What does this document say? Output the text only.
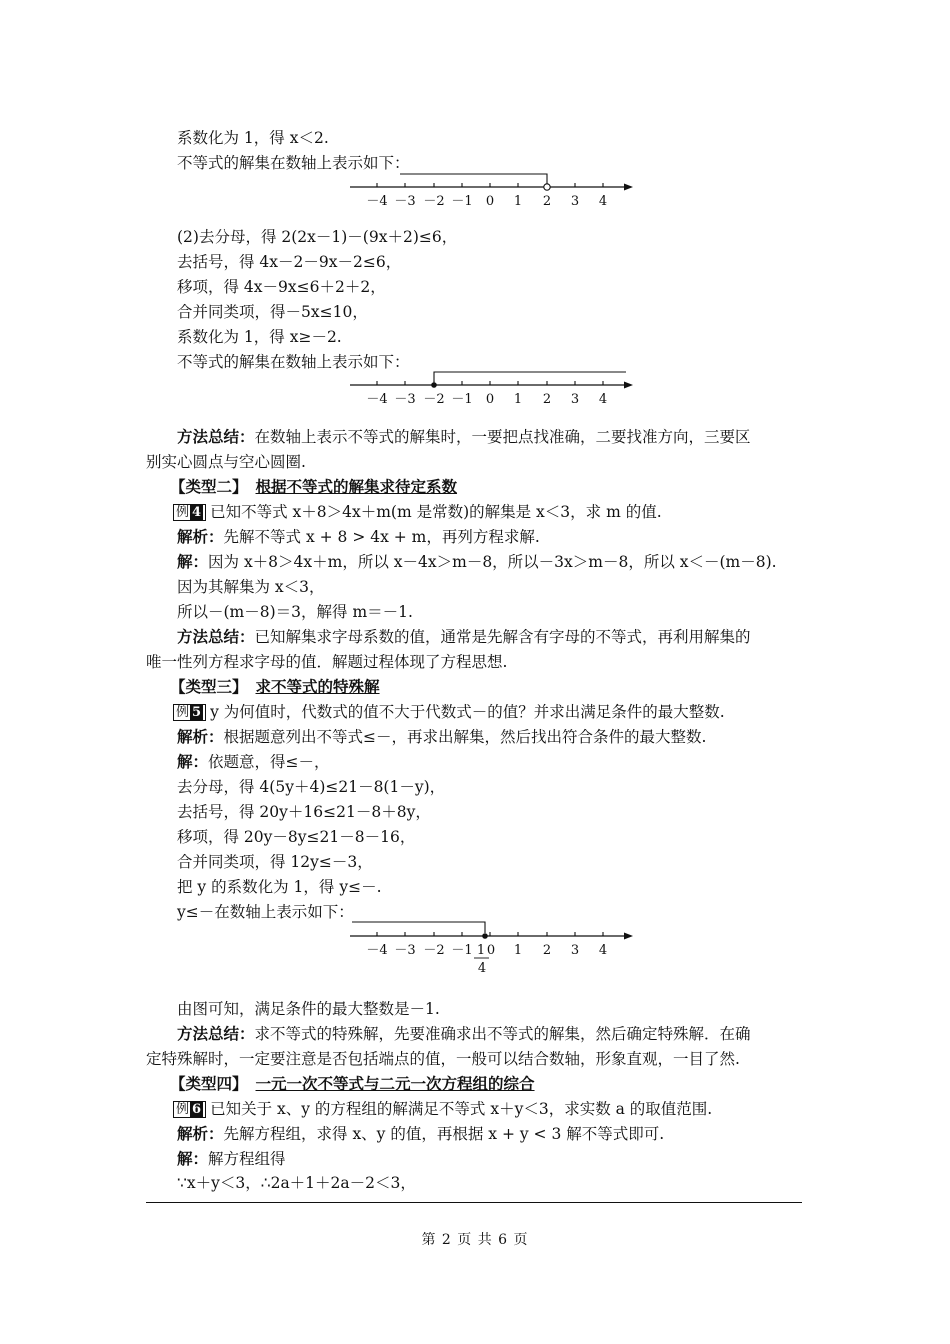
系数化为 1，得 x＜2.
不等式的解集在数轴上表示如下：
－4 －3 －2 －1 0 1 2 3 4
(2)去分母，得 2(2x－1)－(9x＋2)≤6，
去括号，得 4x－2－9x－2≤6，
移项，得 4x－9x≤6＋2＋2，
合并同类项，得－5x≤10，
系数化为 1，得 x≥－2.
不等式的解集在数轴上表示如下：
－4 －3 －2 －1 0 1 2 3 4
方法总结：在数轴上表示不等式的解集时，一要把点找准确，二要找准方向，三要区
别实心圆点与空心圆圈.
【类型二】 根据不等式的解集求待定系数
例 4 已知不等式 x＋8＞4x＋m(m 是常数)的解集是 x＜3，求 m 的值.
解析：先解不等式 x + 8 > 4x + m，再列方程求解.
解：因为 x＋8＞4x＋m，所以 x－4x＞m－8，所以－3x＞m－8，所以 x＜－(m－8).
因为其解集为 x＜3，
所以－(m－8)＝3，解得 m＝－1.
方法总结：已知解集求字母系数的值，通常是先解含有字母的不等式，再利用解集的
唯一性列方程求字母的值．解题过程体现了方程思想.
【类型三】 求不等式的特殊解
例 5 y 为何值时，代数式的值不大于代数式－的值？并求出满足条件的最大整数.
解析：根据题意列出不等式≤－，再求出解集，然后找出符合条件的最大整数.
解：依题意，得≤－，
去分母，得 4(5y＋4)≤21－8(1－y)，
去括号，得 20y＋16≤21－8＋8y，
移项，得 20y－8y≤21－8－16，
合并同类项，得 12y≤－3，
把 y 的系数化为 1，得 y≤－.
y≤－在数轴上表示如下：
－4 －3 －2 －1 1 0 1 2 3 4
4
由图可知，满足条件的最大整数是－1.
方法总结：求不等式的特殊解，先要准确求出不等式的解集，然后确定特殊解．在确
定特殊解时，一定要注意是否包括端点的值，一般可以结合数轴，形象直观，一目了然.
【类型四】 一元一次不等式与二元一次方程组的综合
例 6 已知关于 x、y 的方程组的解满足不等式 x＋y＜3，求实数 a 的取值范围.
解析：先解方程组，求得 x、y 的值，再根据 x + y < 3 解不等式即可.
解：解方程组得
∵x＋y＜3，∴2a＋1＋2a－2＜3，
第 2 页 共 6 页
